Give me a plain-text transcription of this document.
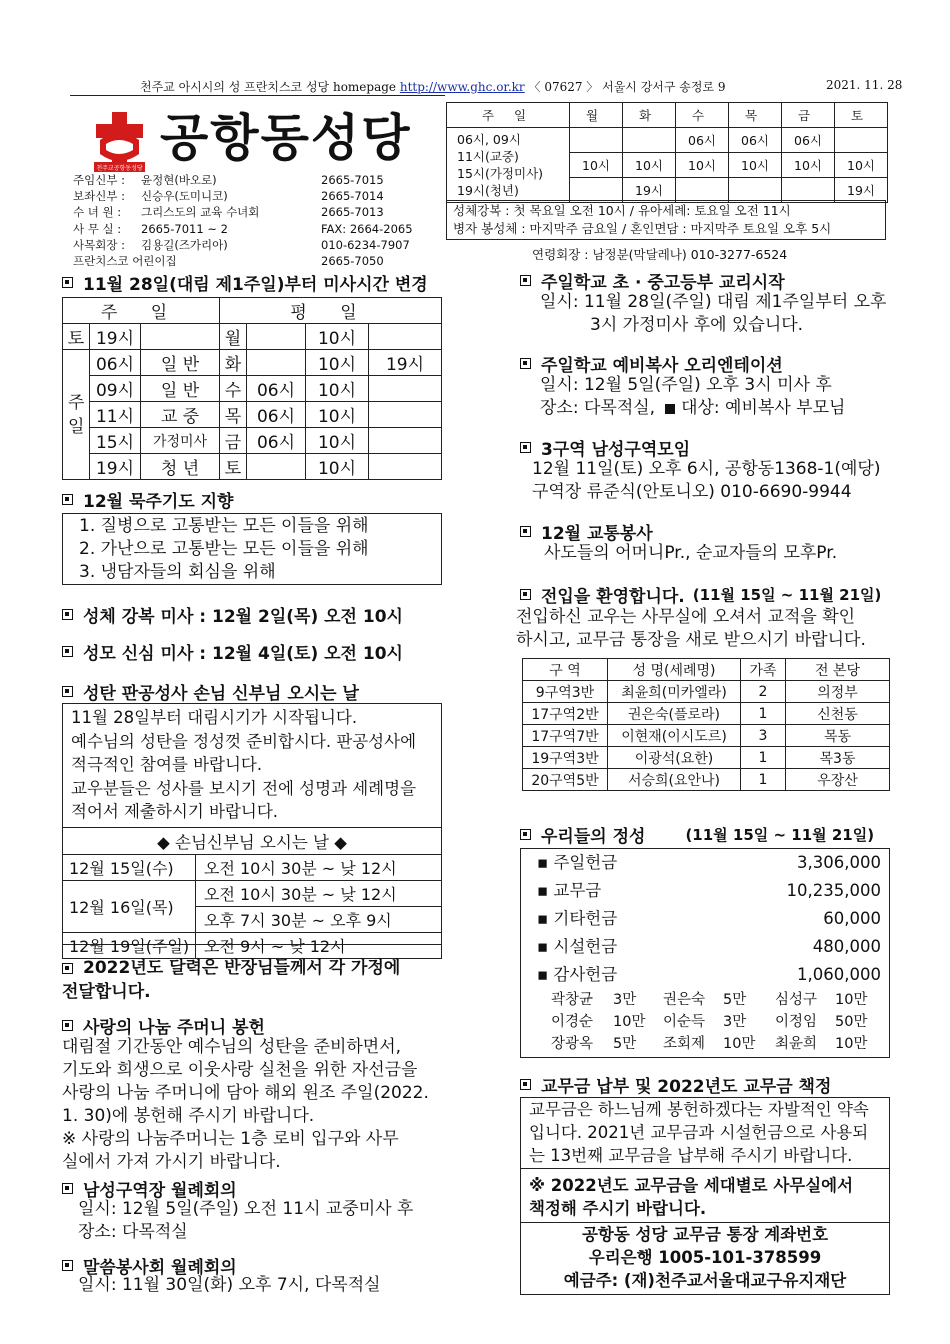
천주교 아시시의 성 프란치스코 성당 homepage http://www.ghc.or.kr 〈 07627 〉 서울시 강서구 송정로 9	2021. 11. 28
천주교공항동성당
공항동성당
주임신부 :	윤정현(바오로)	2665-7015
보좌신부 :	신승우(도미니코)	2665-7014
수 녀 원 :	그리스도의 교육 수녀회	2665-7013
사 무 실 :	2665-7011 ~ 2	FAX: 2664-2065
사목회장 :	김용길(즈가리아)	010-6234-7907
프란치스코 어린이집	2665-7050
주 일	월	화	수	목	금	토

06시, 09시
11시(교중)
15시(가정미사)
19시(청년)			06시	06시	06시	
	10시	10시	10시	10시	10시	10시
		19시				19시
성체강복 : 첫 목요일 오전 10시 / 유아세례: 토요일 오전 11시
병자 봉성체 : 마지막주 금요일 / 혼인면담 : 마지막주 토요일 오후 5시
연령회장 : 남정분(막달레나) 010-3277-6524
11월 28일(대림 제1주일)부터 미사시간 변경
주 일			평 일			
토	19시		월		10시	

주 일	06시	일 반	화		10시	19시
	09시	일 반	수	06시	10시	
	11시	교 중	목	06시	10시	
	15시	가정미사	금	06시	10시	
	19시	청 년	토		10시	
12월 묵주기도 지향
1. 질병으로 고통받는 모든 이들을 위해
2. 가난으로 고통받는 모든 이들을 위해
3. 냉담자들의 회심을 위해
성체 강복 미사 : 12월 2일(목) 오전 10시
성모 신심 미사 : 12월 4일(토) 오전 10시
성탄 판공성사 손님 신부님 오시는 날
11월 28일부터 대림시기가 시작됩니다.
예수님의 성탄을 정성껏 준비합시다. 판공성사에
적극적인 참여를 바랍니다.
교우분들은 성사를 보시기 전에 성명과 세례명을
적어서 제출하시기 바랍니다.
◆ 손님신부님 오시는 날 ◆	
12월 15일(수)	오전 10시 30분 ~ 낮 12시
12월 16일(목)	오전 10시 30분 ~ 낮 12시
	오후 7시 30분 ~ 오후 9시
12월 19일(주일)	오전 9시 ~ 낮 12시
2022년도 달력은 반장님들께서 각 가정에
전달합니다.
사랑의 나눔 주머니 봉헌
대림절 기간동안 예수님의 성탄을 준비하면서,
기도와 희생으로 이웃사랑 실천을 위한 자선금을
사랑의 나눔 주머니에 담아 해외 원조 주일(2022.
1. 30)에 봉헌해 주시기 바랍니다.
※ 사랑의 나눔주머니는 1층 로비 입구와 사무
실에서 가져 가시기 바랍니다.
남성구역장 월례회의
일시: 12월 5일(주일) 오전 11시 교중미사 후
장소: 다목적실
말씀봉사회 월례회의
일시: 11월 30일(화) 오후 7시, 다목적실
주일학교 초 · 중고등부 교리시작
일시: 11월 28일(주일) 대림 제1주일부터 오후
3시 가정미사 후에 있습니다.
주일학교 예비복사 오리엔테이션
일시: 12월 5일(주일) 오후 3시 미사 후
장소: 다목적실, 대상: 예비복사 부모님
3구역 남성구역모임
12월 11일(토) 오후 6시, 공항동1368-1(예당)
구역장 류준식(안토니오) 010-6690-9944
12월 교통봉사
사도들의 어머니Pr., 순교자들의 모후Pr.
전입을 환영합니다. (11월 15일 ~ 11월 21일)
전입하신 교우는 사무실에 오셔서 교적을 확인
하시고, 교무금 통장을 새로 받으시기 바랍니다.
구 역	성 명(세례명)	가족	전 본당
9구역3반	최윤희(미카엘라)	2	의정부
17구역2반	권은숙(플로라)	1	신천동
17구역7반	이현재(이시도르)	3	목동
19구역3반	이광석(요한)	1	목3동
20구역5반	서승희(요안나)	1	우장산
우리들의 정성	(11월 15일 ~ 11월 21일)
▪ 주일헌금	3,306,000
▪ 교무금	10,235,000
▪ 기타헌금	60,000
▪ 시설헌금	480,000
▪ 감사헌금	1,060,000
곽창균	3만	권은숙	5만	심성구	10만
이경순	10만	이순득	3만	이정임	50만
장광옥	5만	조회제	10만	최윤희	10만
교무금 납부 및 2022년도 교무금 책정
교무금은 하느님께 봉헌하겠다는 자발적인 약속
입니다. 2021년 교무금과 시설헌금으로 사용되
는 13번째 교무금을 납부해 주시기 바랍니다.
※ 2022년도 교무금을 세대별로 사무실에서
책정해 주시기 바랍니다.
공항동 성당 교무금 통장 계좌번호
우리은행 1005-101-378599
예금주: (재)천주교서울대교구유지재단
